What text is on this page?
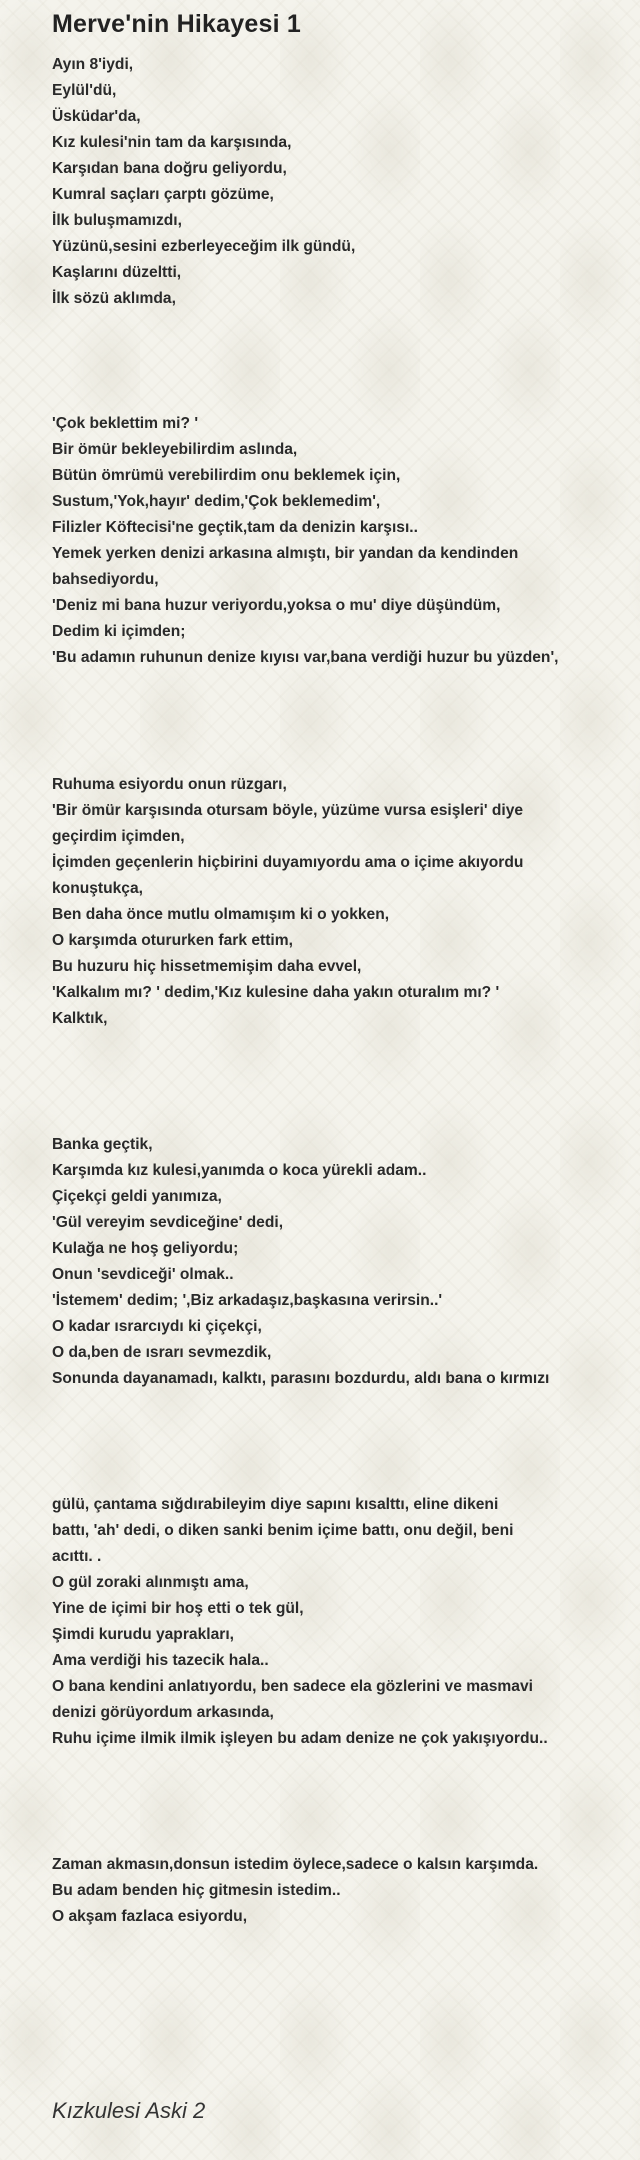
Merve'nin Hikayesi 1
Ayın 8'iydi,
Eylül'dü,
Üsküdar'da,
Kız kulesi'nin tam da karşısında,
Karşıdan bana doğru geliyordu,
Kumral saçları çarptı gözüme,
İlk buluşmamızdı,
Yüzünü,sesini ezberleyeceğim ilk gündü,
Kaşlarını düzeltti,
İlk sözü aklımda,
'Çok beklettim mi? '
Bir ömür bekleyebilirdim aslında,
Bütün ömrümü verebilirdim onu beklemek için,
Sustum,'Yok,hayır' dedim,'Çok beklemedim',
Filizler Köftecisi'ne geçtik,tam da denizin karşısı..
Yemek yerken denizi arkasına almıştı, bir yandan da kendinden
bahsediyordu,
'Deniz mi bana huzur veriyordu,yoksa o mu' diye düşündüm,
Dedim ki içimden;
'Bu adamın ruhunun denize kıyısı var,bana verdiği huzur bu yüzden',
Ruhuma esiyordu onun rüzgarı,
'Bir ömür karşısında otursam böyle, yüzüme vursa esişleri' diye
geçirdim içimden,
İçimden geçenlerin hiçbirini duyamıyordu ama o içime akıyordu
konuştukça,
Ben daha önce mutlu olmamışım ki o yokken,
O karşımda otururken fark ettim,
Bu huzuru hiç hissetmemişim daha evvel,
'Kalkalım mı? ' dedim,'Kız kulesine daha yakın oturalım mı? '
Kalktık,
Banka geçtik,
Karşımda kız kulesi,yanımda o koca yürekli adam..
Çiçekçi geldi yanımıza,
'Gül vereyim sevdiceğine' dedi,
Kulağa ne hoş geliyordu;
Onun 'sevdiceği' olmak..
'İstemem' dedim; ',Biz arkadaşız,başkasına verirsin..'
O kadar ısrarcıydı ki çiçekçi,
O da,ben de ısrarı sevmezdik,
Sonunda dayanamadı, kalktı, parasını bozdurdu, aldı bana o kırmızı
gülü, çantama sığdırabileyim diye sapını kısalttı, eline dikeni
battı, 'ah' dedi, o diken sanki benim içime battı, onu değil, beni
acıttı. .
O gül zoraki alınmıştı ama,
Yine de içimi bir hoş etti o tek gül,
Şimdi kurudu yaprakları,
Ama verdiği his tazecik hala..
O bana kendini anlatıyordu, ben sadece ela gözlerini ve masmavi
denizi görüyordum arkasında,
Ruhu içime ilmik ilmik işleyen bu adam denize ne çok yakışıyordu..
Zaman akmasın,donsun istedim öylece,sadece o kalsın karşımda.
Bu adam benden hiç gitmesin istedim..
O akşam fazlaca esiyordu,
Kızkulesi Aski 2
